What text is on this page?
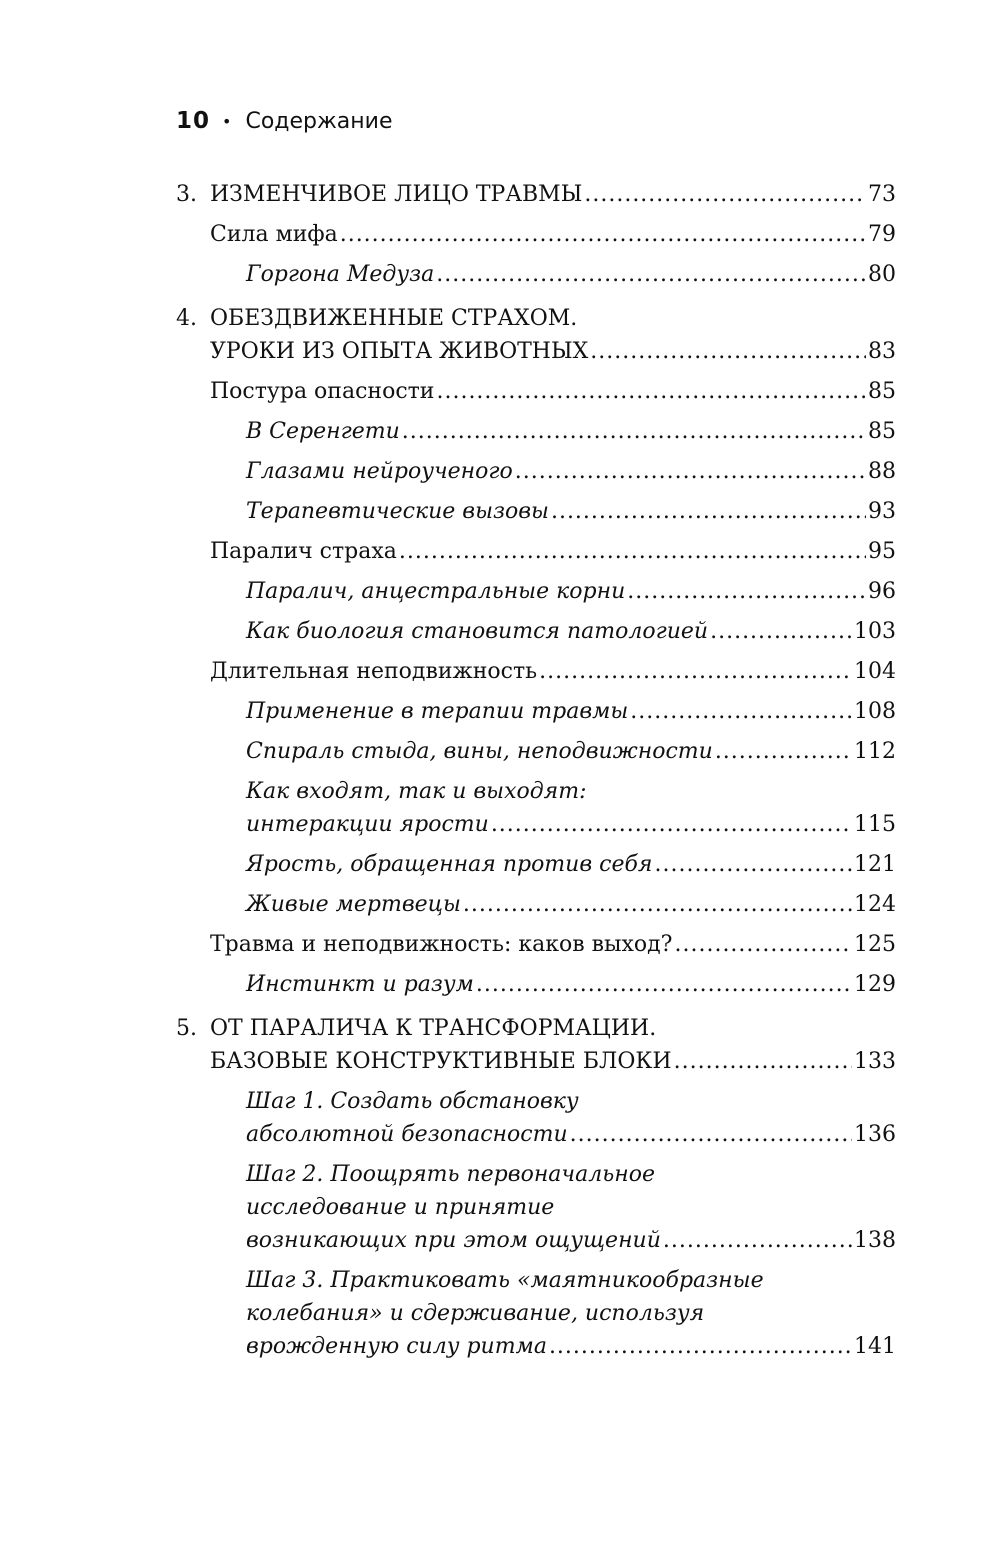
10 • Содержание
3. ИЗМЕНЧИВОЕ ЛИЦО ТРАВМЫ .....	73
Сила мифа .....	79
Горгона Медуза .....	80
4. ОБЕЗДВИЖЕННЫЕ СТРАХОМ.
УРОКИ ИЗ ОПЫТА ЖИВОТНЫХ .....	83
Постура опасности .....	85
В Серенгети .....	85
Глазами нейроученого .....	88
Терапевтические вызовы .....	93
Паралич страха .....	95
Паралич, анцестральные корни .....	96
Как биология становится патологией .....	103
Длительная неподвижность .....	104
Применение в терапии травмы .....	108
Спираль стыда, вины, неподвижности .....	112
Как входят, так и выходят:
интеракции ярости .....	115
Ярость, обращенная против себя .....	121
Живые мертвецы .....	124
Травма и неподвижность: каков выход? .....	125
Инстинкт и разум .....	129
5. ОТ ПАРАЛИЧА К ТРАНСФОРМАЦИИ.
БАЗОВЫЕ КОНСТРУКТИВНЫЕ БЛОКИ .....	133
Шаг 1. Создать обстановку
абсолютной безопасности .....	136
Шаг 2. Поощрять первоначальное
исследование и принятие
возникающих при этом ощущений .....	138
Шаг 3. Практиковать «маятникообразные
колебания» и сдерживание, используя
врожденную силу ритма .....	141
